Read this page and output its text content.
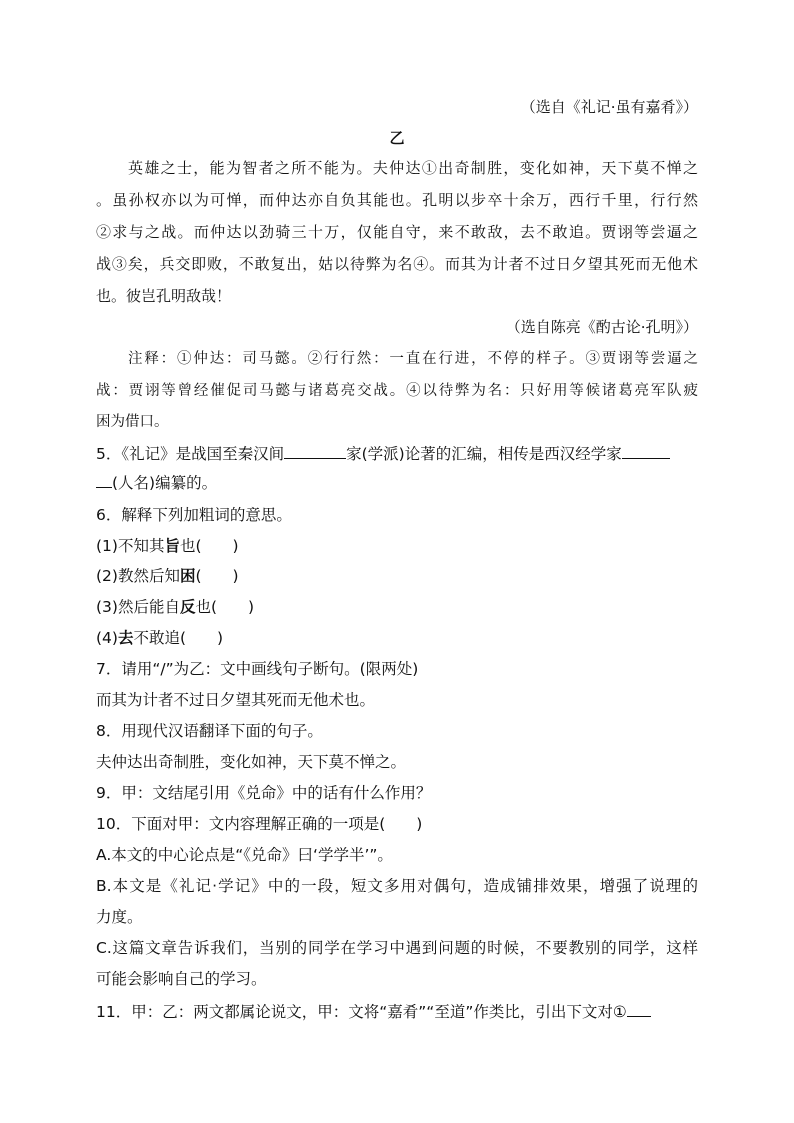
（选自《礼记·虽有嘉肴》）
乙
英雄之士，能为智者之所不能为。夫仲达①出奇制胜，变化如神，天下莫不惮之
。虽孙权亦以为可惮，而仲达亦自负其能也。孔明以步卒十余万，西行千里，行行然
②求与之战。而仲达以劲骑三十万，仅能自守，来不敢敌，去不敢追。贾诩等尝逼之
战③矣，兵交即败，不敢复出，姑以待弊为名④。而其为计者不过日夕望其死而无他术
也。彼岂孔明敌哉！
（选自陈亮《酌古论·孔明》）
注释：①仲达：司马懿。②行行然：一直在行进，不停的样子。③贾诩等尝逼之
战：贾诩等曾经催促司马懿与诸葛亮交战。④以待弊为名：只好用等候诸葛亮军队疲
困为借口。
5．《礼记》是战国至秦汉间	家(学派)论著的汇编，相传是西汉经学家
(人名)编纂的。
6．解释下列加粗词的意思。
(1)不知其旨也(　　)
(2)教然后知困(　　)
(3)然后能自反也(　　)
(4)去不敢追(　　)
7．请用“/”为乙：文中画线句子断句。(限两处)
而其为计者不过日夕望其死而无他术也。
8．用现代汉语翻译下面的句子。
夫仲达出奇制胜，变化如神，天下莫不惮之。
9．甲：文结尾引用《兑命》中的话有什么作用？
10．下面对甲：文内容理解正确的一项是(　　)
A.本文的中心论点是“《兑命》曰‘学学半’”。
B.本文是《礼记·学记》中的一段，短文多用对偶句，造成铺排效果，增强了说理的
力度。
C.这篇文章告诉我们，当别的同学在学习中遇到问题的时候，不要教别的同学，这样
可能会影响自己的学习。
11．甲：乙：两文都属论说文，甲：文将“嘉肴”“至道”作类比，引出下文对①
